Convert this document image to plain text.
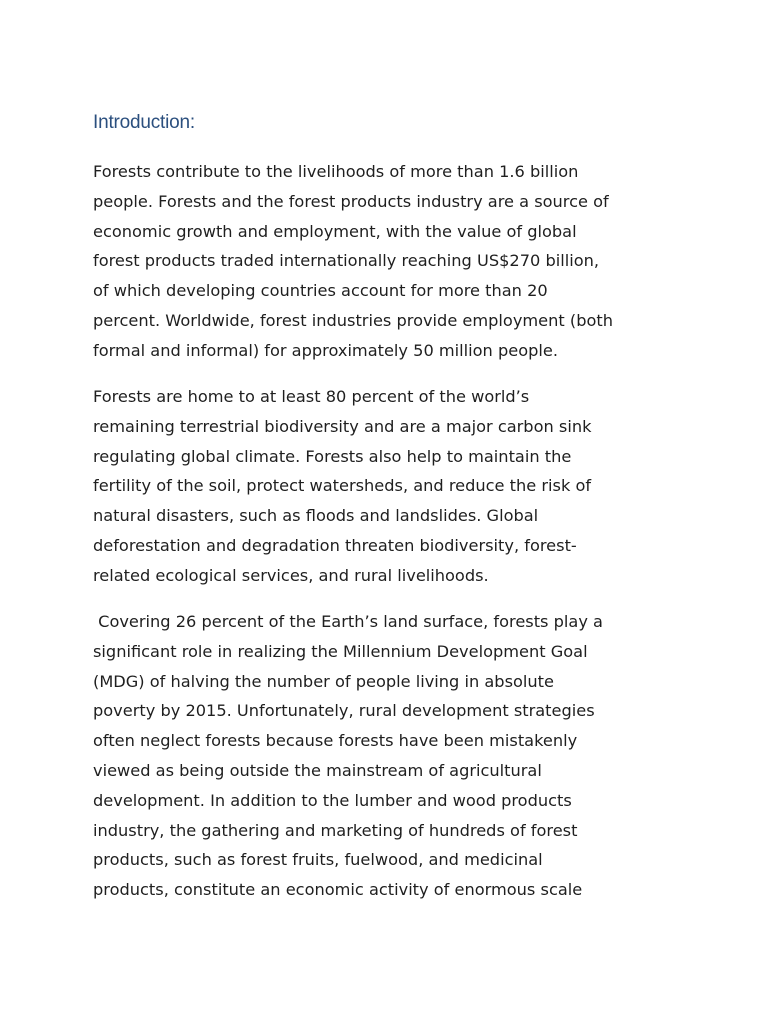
Introduction:

Forests contribute to the livelihoods of more than 1.6 billion
people. Forests and the forest products industry are a source of
economic growth and employment, with the value of global
forest products traded internationally reaching US$270 billion,
of which developing countries account for more than 20
percent. Worldwide, forest industries provide employment (both
formal and informal) for approximately 50 million people.

Forests are home to at least 80 percent of the world’s
remaining terrestrial biodiversity and are a major carbon sink
regulating global climate. Forests also help to maintain the
fertility of the soil, protect watersheds, and reduce the risk of
natural disasters, such as floods and landslides. Global
deforestation and degradation threaten biodiversity, forest-
related ecological services, and rural livelihoods.

Covering 26 percent of the Earth’s land surface, forests play a
significant role in realizing the Millennium Development Goal
(MDG) of halving the number of people living in absolute
poverty by 2015. Unfortunately, rural development strategies
often neglect forests because forests have been mistakenly
viewed as being outside the mainstream of agricultural
development. In addition to the lumber and wood products
industry, the gathering and marketing of hundreds of forest
products, such as forest fruits, fuelwood, and medicinal
products, constitute an economic activity of enormous scale
